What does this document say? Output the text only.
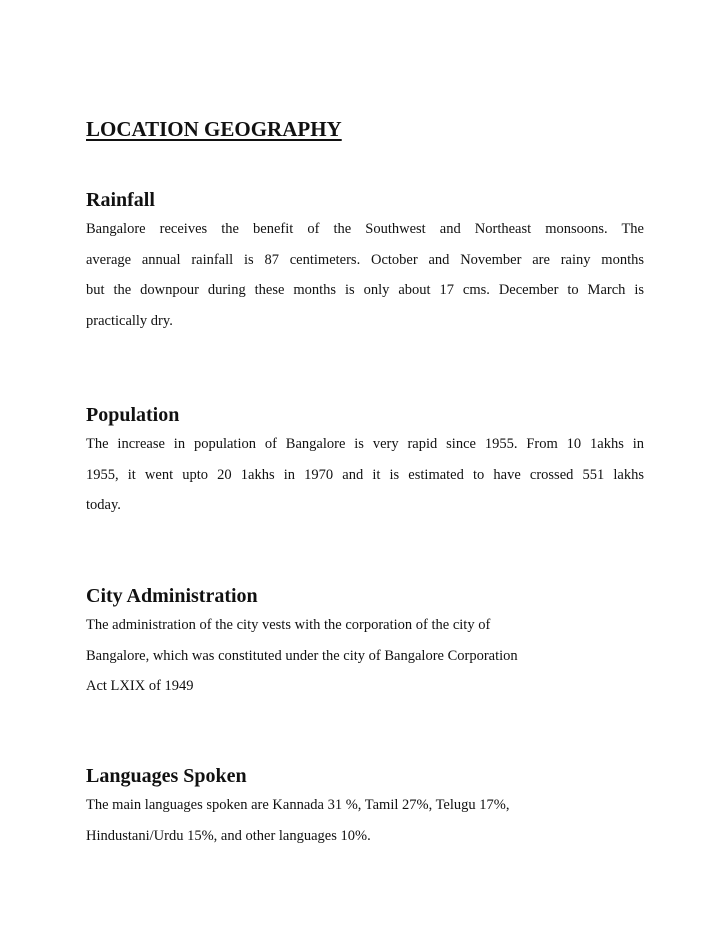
LOCATION GEOGRAPHY
Rainfall
Bangalore receives the benefit of the Southwest and Northeast monsoons. The
average annual rainfall is 87 centimeters. October and November are rainy months
but the downpour during these months is only about 17 cms. December to March is
practically dry.
Population
The increase in population of Bangalore is very rapid since 1955. From 10 1akhs in
1955, it went upto 20 1akhs in 1970 and it is estimated to have crossed 551 lakhs
today.
City Administration
The administration of the city vests with the corporation of the city of
Bangalore, which was constituted under the city of Bangalore Corporation
Act LXIX of 1949
Languages Spoken
The main languages spoken are Kannada 31 %, Tamil 27%, Telugu 17%,
Hindustani/Urdu 15%, and other languages 10%.
